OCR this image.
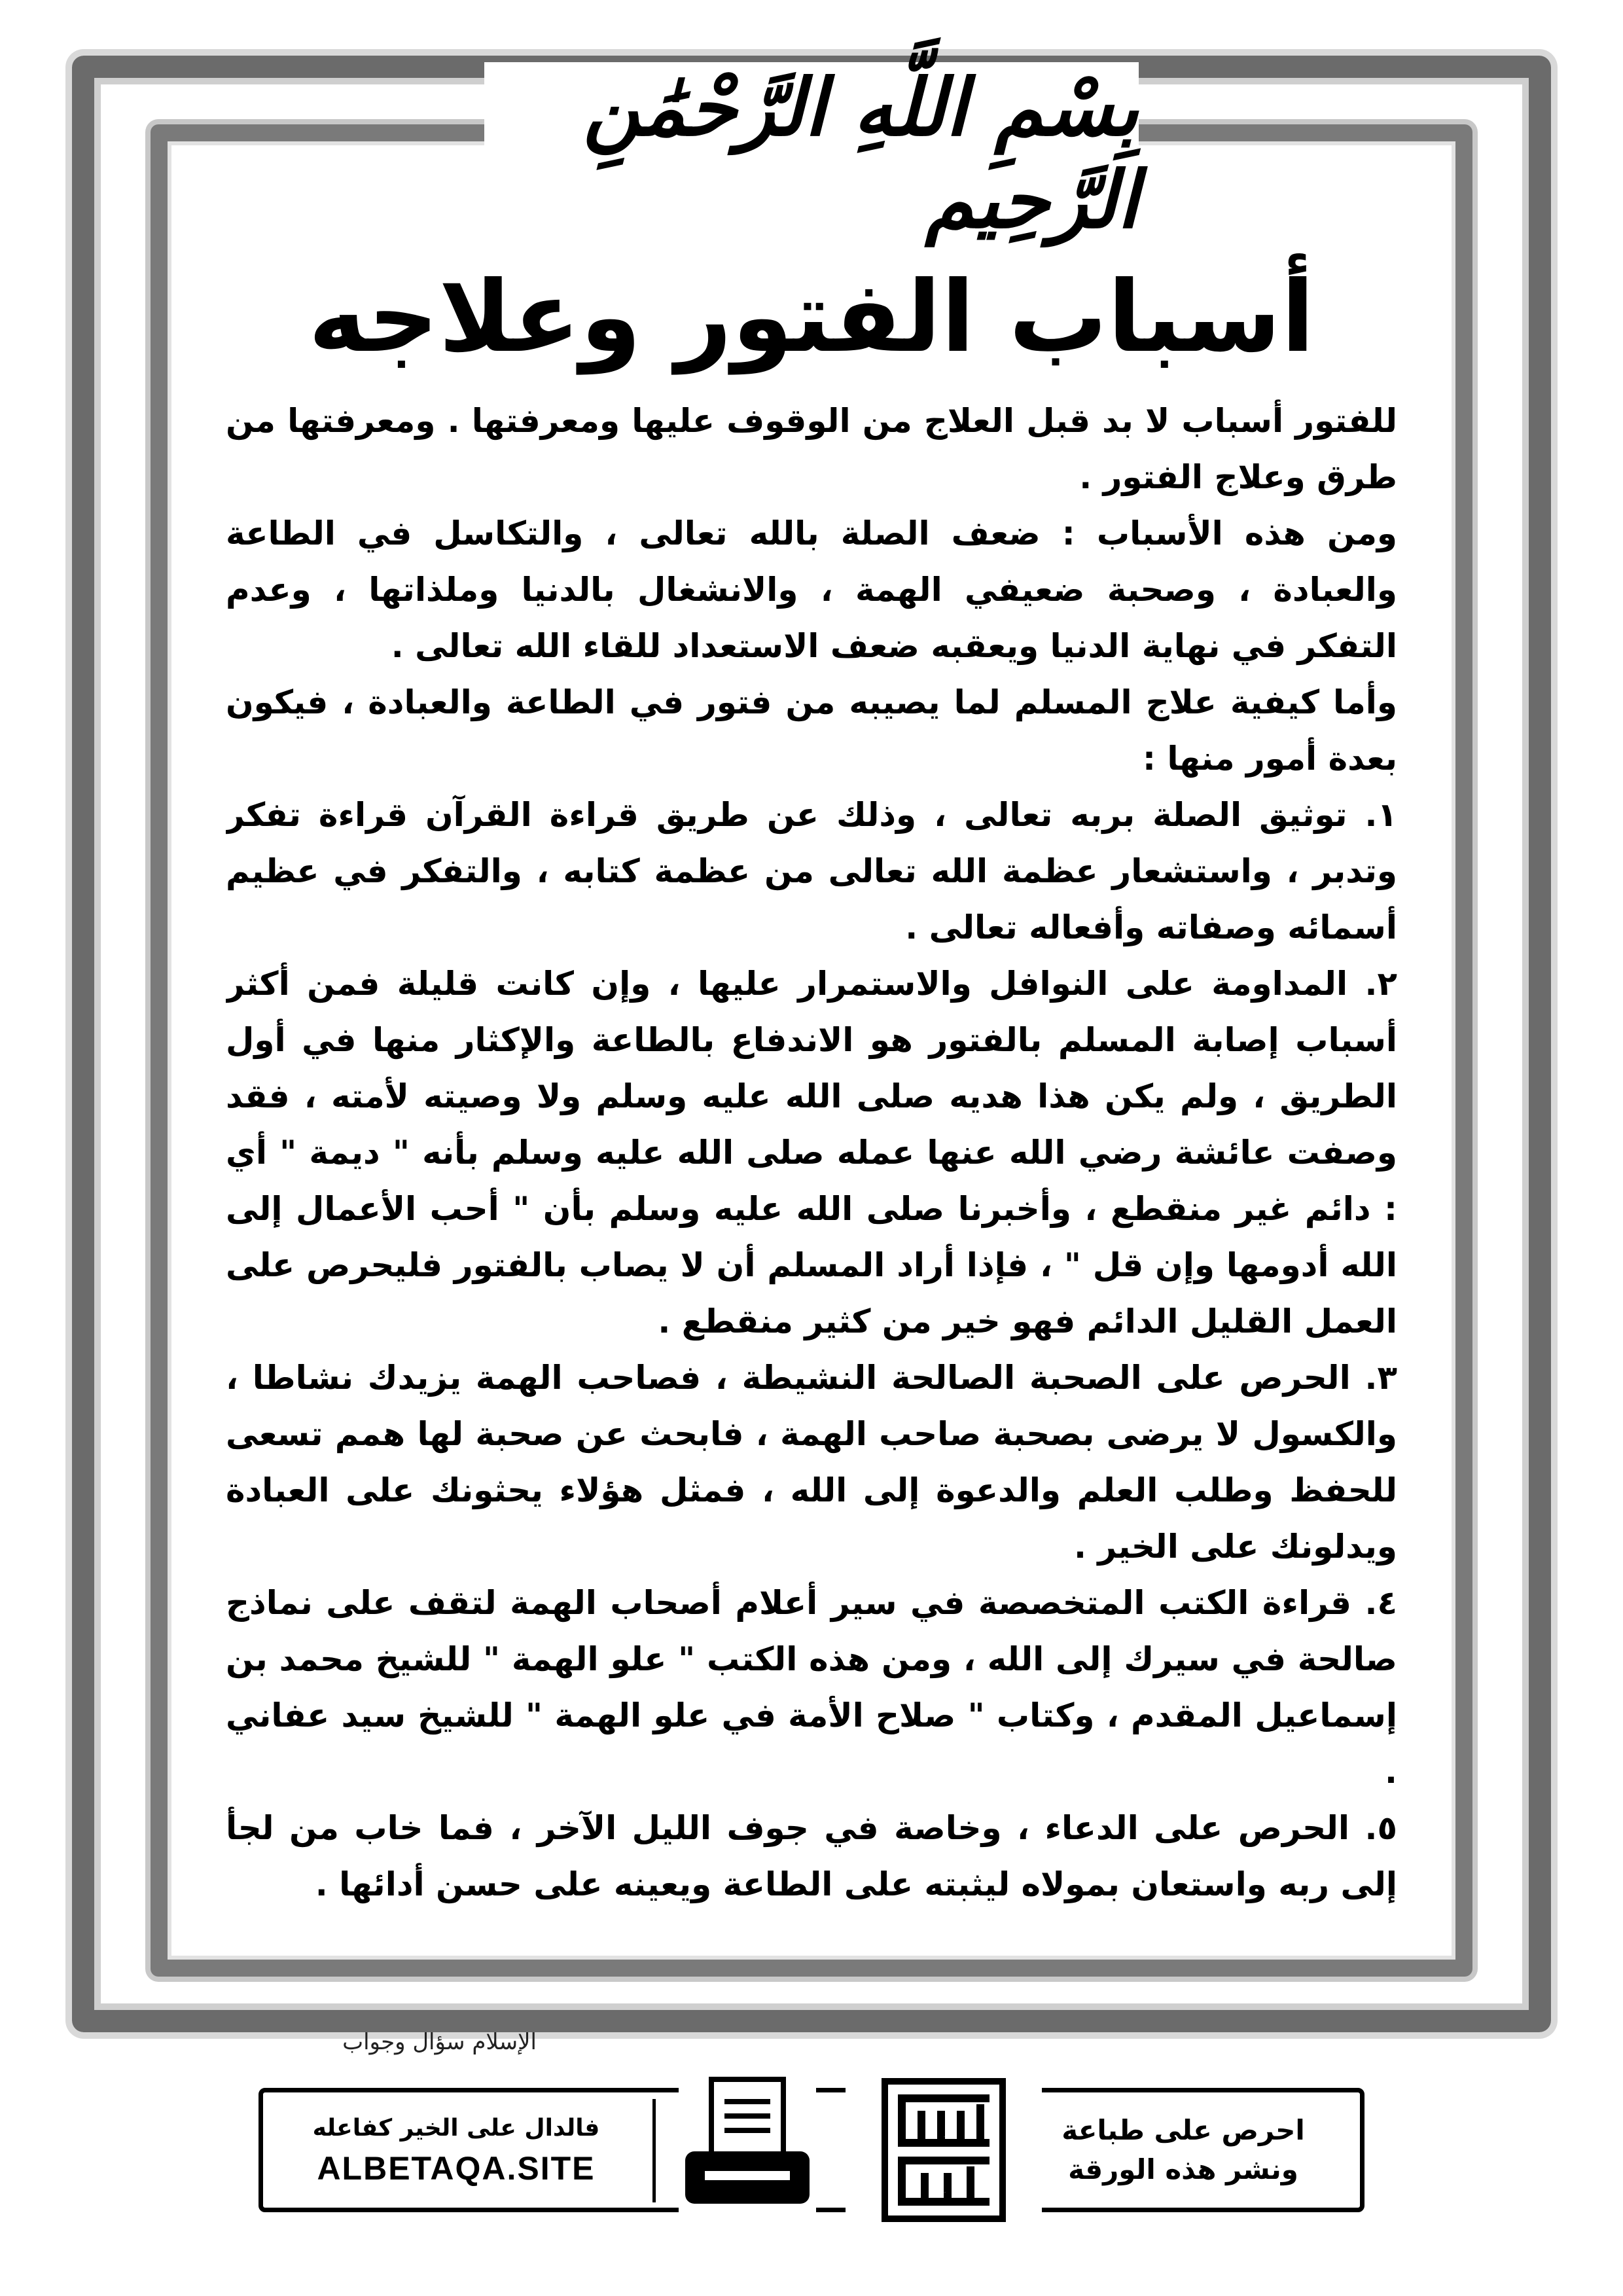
بِسْمِ اللَّهِ الرَّحْمَٰنِ الرَّحِيمِ
أسباب الفتور وعلاجه

للفتور أسباب لا بد قبل العلاج من الوقوف عليها ومعرفتها . ومعرفتها من طرق وعلاج الفتور .

ومن هذه الأسباب : ضعف الصلة بالله تعالى ، والتكاسل في الطاعة والعبادة ، وصحبة ضعيفي الهمة ، والانشغال بالدنيا وملذاتها ، وعدم التفكر في نهاية الدنيا ويعقبه ضعف الاستعداد للقاء الله تعالى .

وأما كيفية علاج المسلم لما يصيبه من فتور في الطاعة والعبادة ، فيكون بعدة أمور منها :

١. توثيق الصلة بربه تعالى ، وذلك عن طريق قراءة القرآن قراءة تفكر وتدبر ، واستشعار عظمة الله تعالى من عظمة كتابه ، والتفكر في عظيم أسمائه وصفاته وأفعاله تعالى .

٢. المداومة على النوافل والاستمرار عليها ، وإن كانت قليلة فمن أكثر أسباب إصابة المسلم بالفتور هو الاندفاع بالطاعة والإكثار منها في أول الطريق ، ولم يكن هذا هديه صلى الله عليه وسلم ولا وصيته لأمته ، فقد وصفت عائشة رضي الله عنها عمله صلى الله عليه وسلم بأنه " ديمة " أي : دائم غير منقطع ، وأخبرنا صلى الله عليه وسلم بأن " أحب الأعمال إلى الله أدومها وإن قل " ، فإذا أراد المسلم أن لا يصاب بالفتور فليحرص على العمل القليل الدائم فهو خير من كثير منقطع .

٣. الحرص على الصحبة الصالحة النشيطة ، فصاحب الهمة يزيدك نشاطا ، والكسول لا يرضى بصحبة صاحب الهمة ، فابحث عن صحبة لها همم تسعى للحفظ وطلب العلم والدعوة إلى الله ، فمثل هؤلاء يحثونك على العبادة ويدلونك على الخير .

٤. قراءة الكتب المتخصصة في سير أعلام أصحاب الهمة لتقف على نماذج صالحة في سيرك إلى الله ، ومن هذه الكتب " علو الهمة " للشيخ محمد بن إسماعيل المقدم ، وكتاب " صلاح الأمة في علو الهمة " للشيخ سيد عفاني .

٥. الحرص على الدعاء ، وخاصة في جوف الليل الآخر ، فما خاب من لجأ إلى ربه واستعان بمولاه ليثبته على الطاعة ويعينه على حسن أدائها .

الإسلام سؤال وجواب
احرص على طباعة
ونشر هذه الورقة
الدعوة
الورقة
فالدال على الخير كفاعله
ALBETAQA.SITE
